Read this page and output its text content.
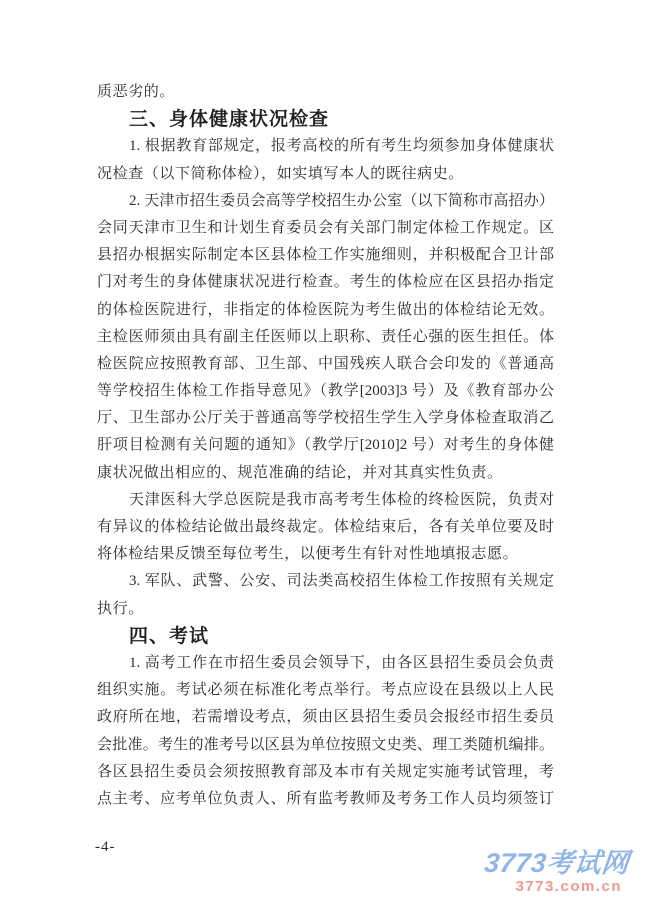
质恶劣的。
三、身体健康状况检查
1. 根据教育部规定，报考高校的所有考生均须参加身体健康状
况检查（以下简称体检），如实填写本人的既往病史。
2. 天津市招生委员会高等学校招生办公室（以下简称市高招办）
会同天津市卫生和计划生育委员会有关部门制定体检工作规定。区
县招办根据实际制定本区县体检工作实施细则，并积极配合卫计部
门对考生的身体健康状况进行检查。考生的体检应在区县招办指定
的体检医院进行，非指定的体检医院为考生做出的体检结论无效。
主检医师须由具有副主任医师以上职称、责任心强的医生担任。体
检医院应按照教育部、卫生部、中国残疾人联合会印发的《普通高
等学校招生体检工作指导意见》（教学[2003]3 号）及《教育部办公
厅、卫生部办公厅关于普通高等学校招生学生入学身体检查取消乙
肝项目检测有关问题的通知》（教学厅[2010]2 号）对考生的身体健
康状况做出相应的、规范准确的结论，并对其真实性负责。
天津医科大学总医院是我市高考考生体检的终检医院，负责对
有异议的体检结论做出最终裁定。体检结束后，各有关单位要及时
将体检结果反馈至每位考生，以便考生有针对性地填报志愿。
3. 军队、武警、公安、司法类高校招生体检工作按照有关规定
执行。
四、考试
1. 高考工作在市招生委员会领导下，由各区县招生委员会负责
组织实施。考试必须在标准化考点举行。考点应设在县级以上人民
政府所在地，若需增设考点，须由区县招生委员会报经市招生委员
会批准。考生的准考号以区县为单位按照文史类、理工类随机编排。
各区县招生委员会须按照教育部及本市有关规定实施考试管理，考
点主考、应考单位负责人、所有监考教师及考务工作人员均须签订
-4-
3773考试网
3773.com.cn
